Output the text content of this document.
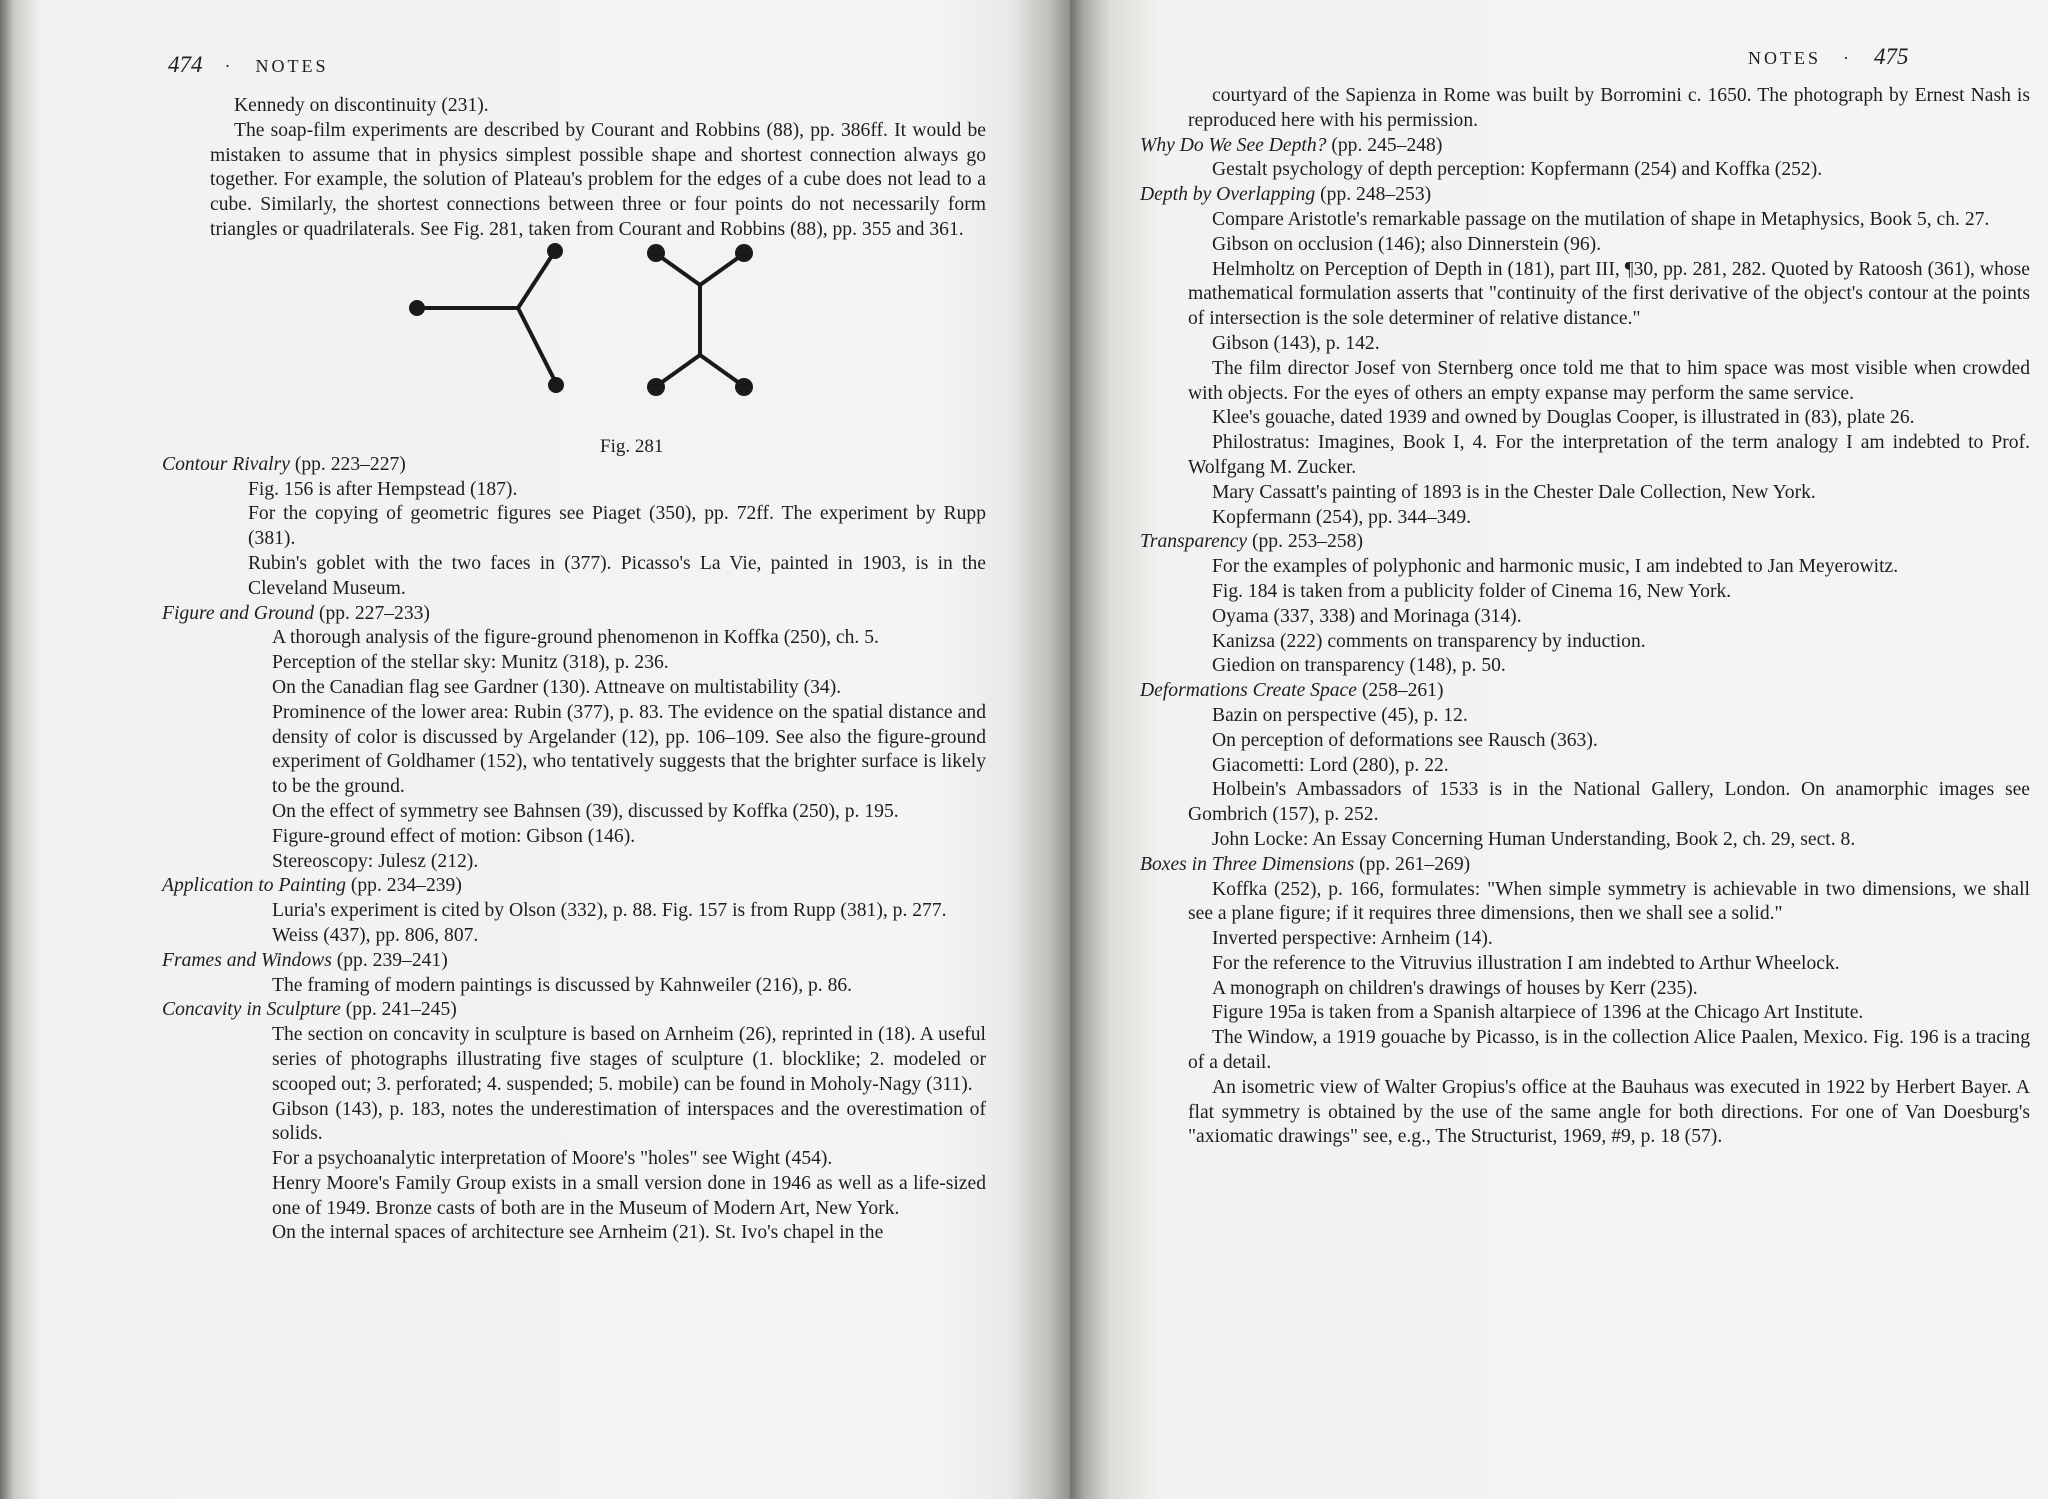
474 · NOTES

Kennedy on discontinuity (231).

The soap-film experiments are described by Courant and Robbins (88), pp. 386ff. It would be mistaken to assume that in physics simplest possible shape and shortest connection always go together. For example, the solution of Plateau's problem for the edges of a cube does not lead to a cube. Similarly, the shortest connections between three or four points do not necessarily form triangles or quadrilaterals. See Fig. 281, taken from Courant and Robbins (88), pp. 355 and 361.

Fig. 281

Contour Rivalry (pp. 223–227)

Fig. 156 is after Hempstead (187).

For the copying of geometric figures see Piaget (350), pp. 72ff. The experiment by Rupp (381).

Rubin's goblet with the two faces in (377). Picasso's La Vie, painted in 1903, is in the Cleveland Museum.

Figure and Ground (pp. 227–233)

A thorough analysis of the figure-ground phenomenon in Koffka (250), ch. 5.

Perception of the stellar sky: Munitz (318), p. 236.

On the Canadian flag see Gardner (130). Attneave on multistability (34).

Prominence of the lower area: Rubin (377), p. 83. The evidence on the spatial distance and density of color is discussed by Argelander (12), pp. 106–109. See also the figure-ground experiment of Goldhamer (152), who tentatively suggests that the brighter surface is likely to be the ground.

On the effect of symmetry see Bahnsen (39), discussed by Koffka (250), p. 195.

Figure-ground effect of motion: Gibson (146).

Stereoscopy: Julesz (212).

Application to Painting (pp. 234–239)

Luria's experiment is cited by Olson (332), p. 88. Fig. 157 is from Rupp (381), p. 277.

Weiss (437), pp. 806, 807.

Frames and Windows (pp. 239–241)

The framing of modern paintings is discussed by Kahnweiler (216), p. 86.

Concavity in Sculpture (pp. 241–245)

The section on concavity in sculpture is based on Arnheim (26), reprinted in (18). A useful series of photographs illustrating five stages of sculpture (1. blocklike; 2. modeled or scooped out; 3. perforated; 4. suspended; 5. mobile) can be found in Moholy-Nagy (311).

Gibson (143), p. 183, notes the underestimation of interspaces and the overestimation of solids.

For a psychoanalytic interpretation of Moore's "holes" see Wight (454).

Henry Moore's Family Group exists in a small version done in 1946 as well as a life-sized one of 1949. Bronze casts of both are in the Museum of Modern Art, New York.

On the internal spaces of architecture see Arnheim (21). St. Ivo's chapel in the

NOTES · 475

courtyard of the Sapienza in Rome was built by Borromini c. 1650. The photograph by Ernest Nash is reproduced here with his permission.

Why Do We See Depth? (pp. 245–248)

Gestalt psychology of depth perception: Kopfermann (254) and Koffka (252).

Depth by Overlapping (pp. 248–253)

Compare Aristotle's remarkable passage on the mutilation of shape in Metaphysics, Book 5, ch. 27.

Gibson on occlusion (146); also Dinnerstein (96).

Helmholtz on Perception of Depth in (181), part III, ¶30, pp. 281, 282. Quoted by Ratoosh (361), whose mathematical formulation asserts that "continuity of the first derivative of the object's contour at the points of intersection is the sole determiner of relative distance."

Gibson (143), p. 142.

The film director Josef von Sternberg once told me that to him space was most visible when crowded with objects. For the eyes of others an empty expanse may perform the same service.

Klee's gouache, dated 1939 and owned by Douglas Cooper, is illustrated in (83), plate 26.

Philostratus: Imagines, Book I, 4. For the interpretation of the term analogy I am indebted to Prof. Wolfgang M. Zucker.

Mary Cassatt's painting of 1893 is in the Chester Dale Collection, New York.

Kopfermann (254), pp. 344–349.

Transparency (pp. 253–258)

For the examples of polyphonic and harmonic music, I am indebted to Jan Meyerowitz.

Fig. 184 is taken from a publicity folder of Cinema 16, New York.

Oyama (337, 338) and Morinaga (314).

Kanizsa (222) comments on transparency by induction.

Giedion on transparency (148), p. 50.

Deformations Create Space (258–261)

Bazin on perspective (45), p. 12.

On perception of deformations see Rausch (363).

Giacometti: Lord (280), p. 22.

Holbein's Ambassadors of 1533 is in the National Gallery, London. On anamorphic images see Gombrich (157), p. 252.

John Locke: An Essay Concerning Human Understanding, Book 2, ch. 29, sect. 8.

Boxes in Three Dimensions (pp. 261–269)

Koffka (252), p. 166, formulates: "When simple symmetry is achievable in two dimensions, we shall see a plane figure; if it requires three dimensions, then we shall see a solid."

Inverted perspective: Arnheim (14).

For the reference to the Vitruvius illustration I am indebted to Arthur Wheelock.

A monograph on children's drawings of houses by Kerr (235).

Figure 195a is taken from a Spanish altarpiece of 1396 at the Chicago Art Institute.

The Window, a 1919 gouache by Picasso, is in the collection Alice Paalen, Mexico. Fig. 196 is a tracing of a detail.

An isometric view of Walter Gropius's office at the Bauhaus was executed in 1922 by Herbert Bayer. A flat symmetry is obtained by the use of the same angle for both directions. For one of Van Doesburg's "axiomatic drawings" see, e.g., The Structurist, 1969, #9, p. 18 (57).
